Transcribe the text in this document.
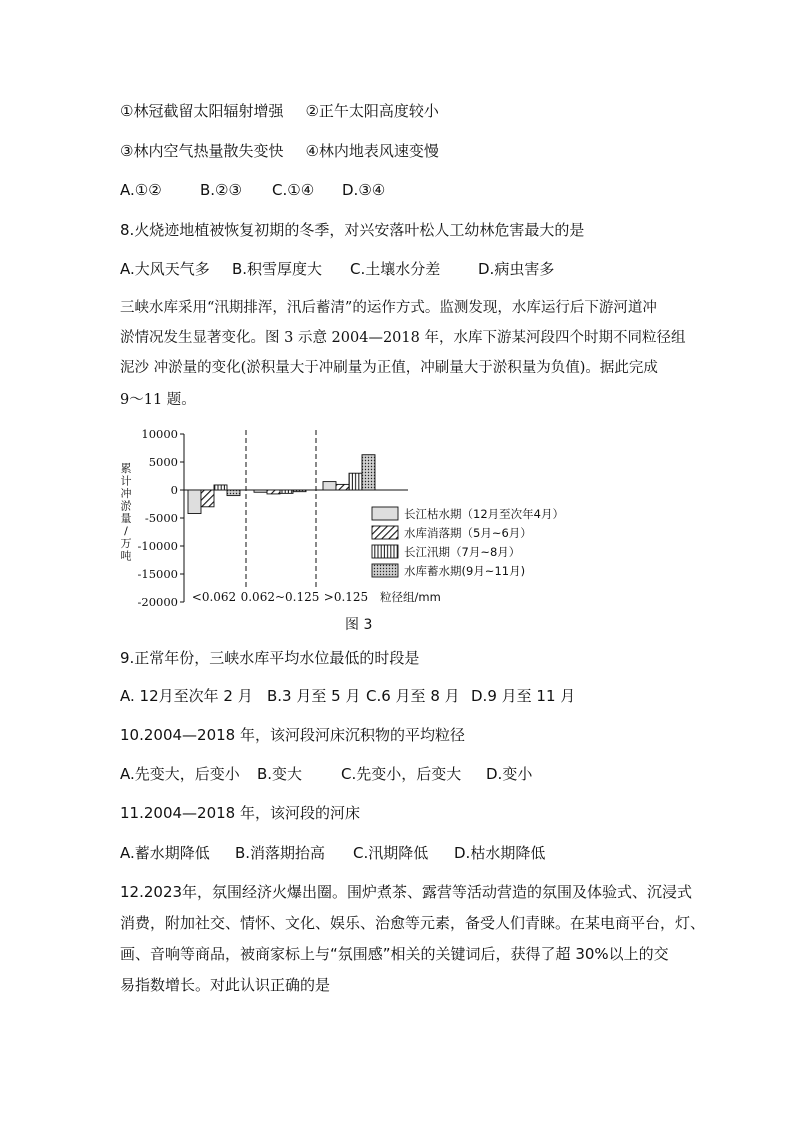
①林冠截留太阳辐射增强 ②正午太阳高度较小
③林内空气热量散失变快 ④林内地表风速变慢
A.①②	B.②③ C.①④ D.③④
8.火烧迹地植被恢复初期的冬季，对兴安落叶松人工幼林危害最大的是
A.大风天气多 B.积雪厚度大 C.土壤水分差	D.病虫害多
三峡水库采用“汛期排浑，汛后蓄清”的运作方式。监测发现，水库运行后下游河道冲
淤情况发生显著变化。图 3 示意 2004—2018 年，水库下游某河段四个时期不同粒径组
泥沙 冲淤量的变化(淤积量大于冲刷量为正值，冲刷量大于淤积量为负值)。据此完成
9～11 题。
10000
5000
0
-5000
-10000
-15000
-20000
累
计
冲
淤
量
/
万
吨
<0.062 0.062~0.125 >0.125 粒径组/mm
长江枯水期（12月至次年4月）
水库消落期（5月~6月）
长江汛期（7月~8月）
水库蓄水期(9月~11月)
图 3
9.正常年份，三峡水库平均水位最低的时段是
A. 12月至次年 2 月 B.3 月至 5 月 C.6 月至 8 月 D.9 月至 11 月
10.2004—2018 年，该河段河床沉积物的平均粒径
A.先变大，后变小 B.变大	C.先变小，后变大 D.变小
11.2004—2018 年，该河段的河床
A.蓄水期降低 B.消落期抬高 C.汛期降低 D.枯水期降低
12.2023年，氛围经济火爆出圈。围炉煮茶、露营等活动营造的氛围及体验式、沉浸式
消费，附加社交、情怀、文化、娱乐、治愈等元素，备受人们青睐。在某电商平台，灯、
画、音响等商品，被商家标上与“氛围感”相关的关键词后，获得了超 30%以上的交
易指数增长。对此认识正确的是
